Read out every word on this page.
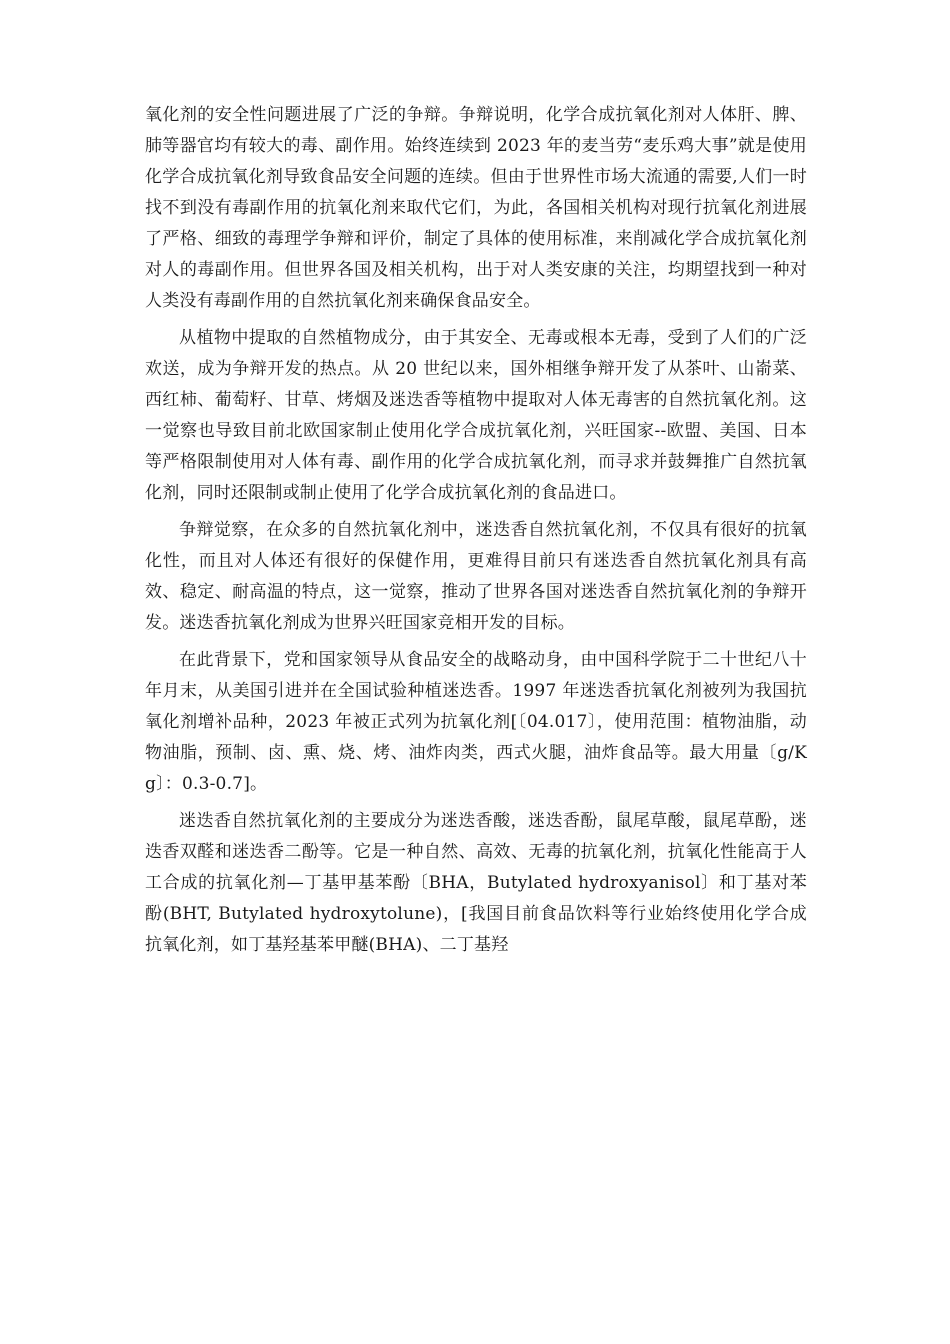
氧化剂的安全性问题进展了广泛的争辩。争辩说明，化学合成抗氧化剂对人体肝、脾、肺等器官均有较大的毒、副作用。始终连续到 2023 年的麦当劳“麦乐鸡大事”就是使用化学合成抗氧化剂导致食品安全问题的连续。但由于世界性市场大流通的需要,人们一时找不到没有毒副作用的抗氧化剂来取代它们，为此，各国相关机构对现行抗氧化剂进展了严格、细致的毒理学争辩和评价，制定了具体的使用标准，来削减化学合成抗氧化剂对人的毒副作用。但世界各国及相关机构，出于对人类安康的关注，均期望找到一种对人类没有毒副作用的自然抗氧化剂来确保食品安全。

从植物中提取的自然植物成分，由于其安全、无毒或根本无毒，受到了人们的广泛欢送，成为争辩开发的热点。从 20 世纪以来，国外相继争辩开发了从茶叶、山嵛菜、西红柿、葡萄籽、甘草、烤烟及迷迭香等植物中提取对人体无毒害的自然抗氧化剂。这一觉察也导致目前北欧国家制止使用化学合成抗氧化剂，兴旺国家--欧盟、美国、日本等严格限制使用对人体有毒、副作用的化学合成抗氧化剂，而寻求并鼓舞推广自然抗氧化剂，同时还限制或制止使用了化学合成抗氧化剂的食品进口。

争辩觉察，在众多的自然抗氧化剂中，迷迭香自然抗氧化剂，不仅具有很好的抗氧化性，而且对人体还有很好的保健作用，更难得目前只有迷迭香自然抗氧化剂具有高效、稳定、耐高温的特点，这一觉察，推动了世界各国对迷迭香自然抗氧化剂的争辩开发。迷迭香抗氧化剂成为世界兴旺国家竞相开发的目标。

在此背景下，党和国家领导从食品安全的战略动身，由中国科学院于二十世纪八十年月末，从美国引进并在全国试验种植迷迭香。1997 年迷迭香抗氧化剂被列为我国抗氧化剂增补品种，2023 年被正式列为抗氧化剂[〔04.017〕，使用范围：植物油脂，动物油脂，预制、卤、熏、烧、烤、油炸肉类，西式火腿，油炸食品等。最大用量〔g/Kg〕：0.3-0.7]。

迷迭香自然抗氧化剂的主要成分为迷迭香酸，迷迭香酚，鼠尾草酸，鼠尾草酚，迷迭香双醛和迷迭香二酚等。它是一种自然、高效、无毒的抗氧化剂，抗氧化性能高于人工合成的抗氧化剂—丁基甲基苯酚〔BHA，Butylated hydroxyanisol〕和丁基对苯酚(BHT, Butylated hydroxytolune)，[我国目前食品饮料等行业始终使用化学合成抗氧化剂，如丁基羟基苯甲醚(BHA)、二丁基羟
